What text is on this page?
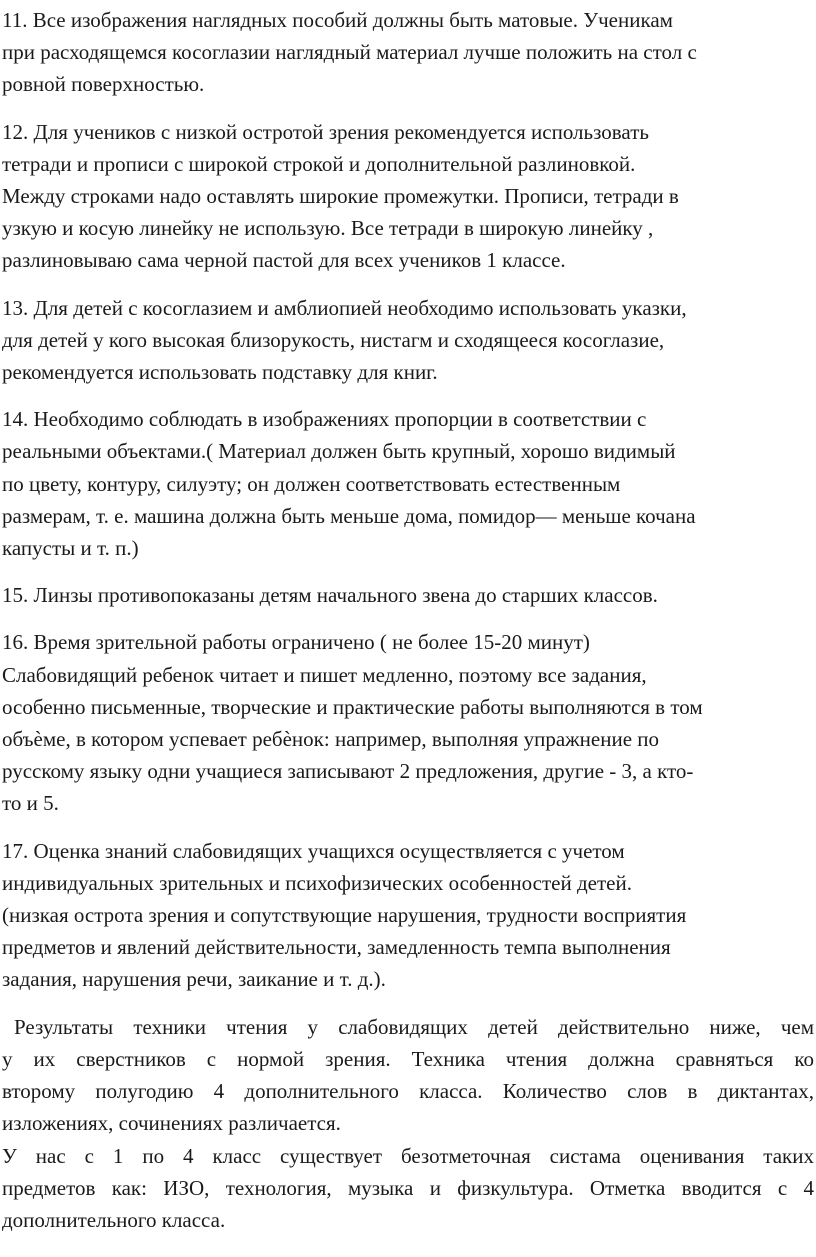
11. Все изображения наглядных пособий должны быть матовые. Ученикам
при расходящемся косоглазии наглядный материал лучше положить на стол с
ровной поверхностью.

12. Для учеников с низкой остротой зрения рекомендуется использовать
тетради и прописи с широкой строкой и дополнительной разлиновкой.
Между строками надо оставлять широкие промежутки. Прописи, тетради в
узкую и косую линейку не использую. Все тетради в широкую линейку ,
разлиновываю сама черной пастой для всех учеников 1 классе.

13. Для детей с косоглазием и амблиопией необходимо использовать указки,
для детей у кого высокая близорукость, нистагм и сходящееся косоглазие,
рекомендуется использовать подставку для книг.

14. Необходимо соблюдать в изображениях пропорции в соответствии с
реальными объектами.( Материал должен быть крупный, хорошо видимый
по цвету, контуру, силуэту; он должен соответствовать естественным
размерам, т. е. машина должна быть меньше дома, помидор— меньше кочана
капусты и т. п.)

15. Линзы противопоказаны детям начального звена до старших классов.

16. Время зрительной работы ограничено ( не более 15-20 минут)
Слабовидящий ребенок читает и пишет медленно, поэтому все задания,
особенно письменные, творческие и практические работы выполняются в том
объѐме, в котором успевает ребѐнок: например, выполняя упражнение по
русскому языку одни учащиеся записывают 2 предложения, другие - 3, а кто-
то и 5.

17. Оценка знаний слабовидящих учащихся осуществляется с учетом
индивидуальных зрительных и психофизических особенностей детей.
(низкая острота зрения и сопутствующие нарушения, трудности восприятия
предметов и явлений действительности, замедленность темпа выполнения
задания, нарушения речи, заикание и т. д.).

Результаты техники чтения у слабовидящих детей действительно ниже, чем
у их сверстников с нормой зрения. Техника чтения должна сравняться ко
второму полугодию 4 дополнительного класса. Количество слов в диктантах,
изложениях, сочинениях различается.

У нас с 1 по 4 класс существует безотметочная систама оценивания таких
предметов как: ИЗО, технология, музыка и физкультура. Отметка вводится с 4
дополнительного класса.
